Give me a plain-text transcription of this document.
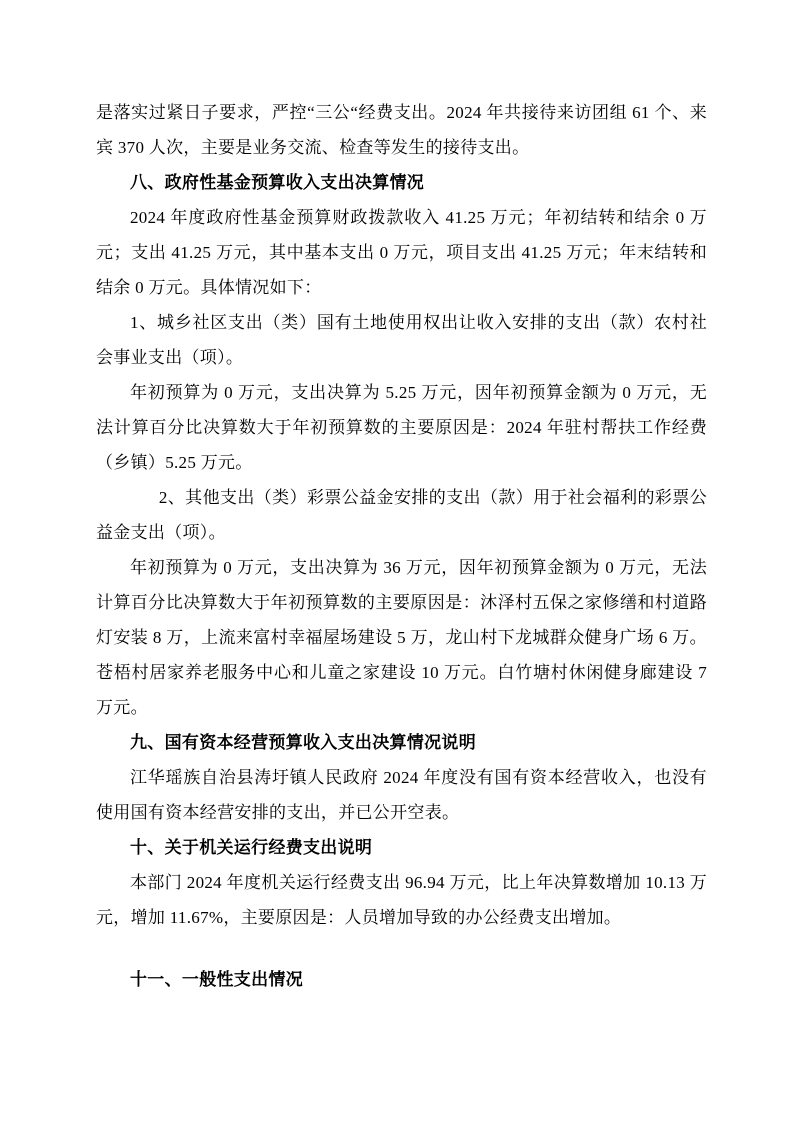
是落实过紧日子要求，严控“三公“经费支出。2024 年共接待来访团组 61 个、来宾 370 人次，主要是业务交流、检查等发生的接待支出。

八、政府性基金预算收入支出决算情况

2024 年度政府性基金预算财政拨款收入 41.25 万元；年初结转和结余 0 万元；支出 41.25 万元，其中基本支出 0 万元，项目支出 41.25 万元；年末结转和结余 0 万元。具体情况如下：

1、城乡社区支出（类）国有土地使用权出让收入安排的支出（款）农村社会事业支出（项）。

年初预算为 0 万元，支出决算为 5.25 万元，因年初预算金额为 0 万元，无法计算百分比决算数大于年初预算数的主要原因是：2024 年驻村帮扶工作经费（乡镇）5.25 万元。

2、其他支出（类）彩票公益金安排的支出（款）用于社会福利的彩票公益金支出（项）。

年初预算为 0 万元，支出决算为 36 万元，因年初预算金额为 0 万元，无法计算百分比决算数大于年初预算数的主要原因是：沐泽村五保之家修缮和村道路灯安装 8 万，上流来富村幸福屋场建设 5 万，龙山村下龙城群众健身广场 6 万。苍梧村居家养老服务中心和儿童之家建设 10 万元。白竹塘村休闲健身廊建设 7 万元。

九、国有资本经营预算收入支出决算情况说明

江华瑶族自治县涛圩镇人民政府 2024 年度没有国有资本经营收入，也没有使用国有资本经营安排的支出，并已公开空表。

十、关于机关运行经费支出说明

本部门 2024 年度机关运行经费支出 96.94 万元，比上年决算数增加 10.13 万元，增加 11.67%，主要原因是：人员增加导致的办公经费支出增加。

十一、一般性支出情况
